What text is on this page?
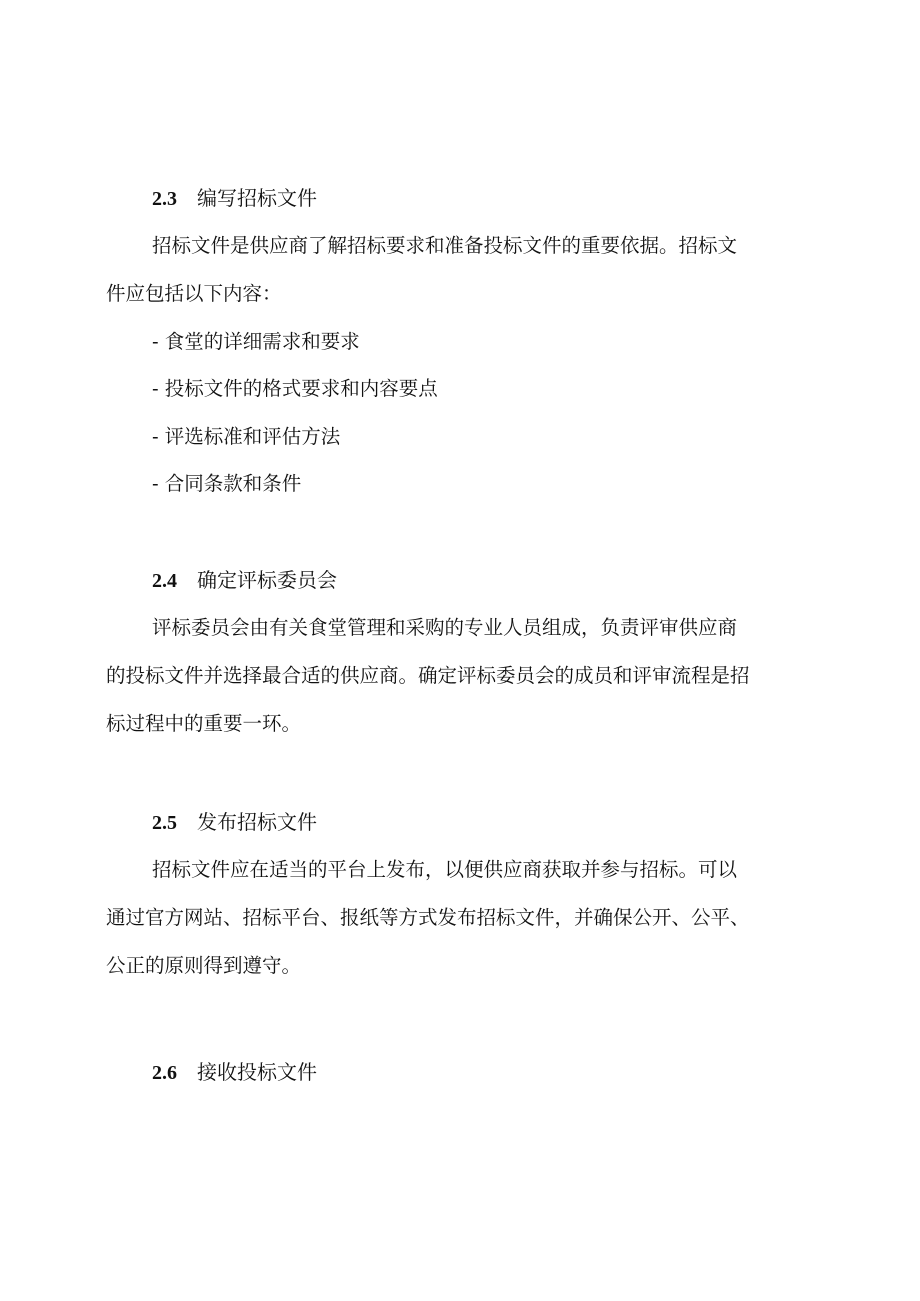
2.3 编写招标文件
招标文件是供应商了解招标要求和准备投标文件的重要依据。招标文
件应包括以下内容：
- 食堂的详细需求和要求
- 投标文件的格式要求和内容要点
- 评选标准和评估方法
- 合同条款和条件
2.4 确定评标委员会
评标委员会由有关食堂管理和采购的专业人员组成，负责评审供应商
的投标文件并选择最合适的供应商。确定评标委员会的成员和评审流程是招
标过程中的重要一环。
2.5 发布招标文件
招标文件应在适当的平台上发布，以便供应商获取并参与招标。可以
通过官方网站、招标平台、报纸等方式发布招标文件，并确保公开、公平、
公正的原则得到遵守。
2.6 接收投标文件
